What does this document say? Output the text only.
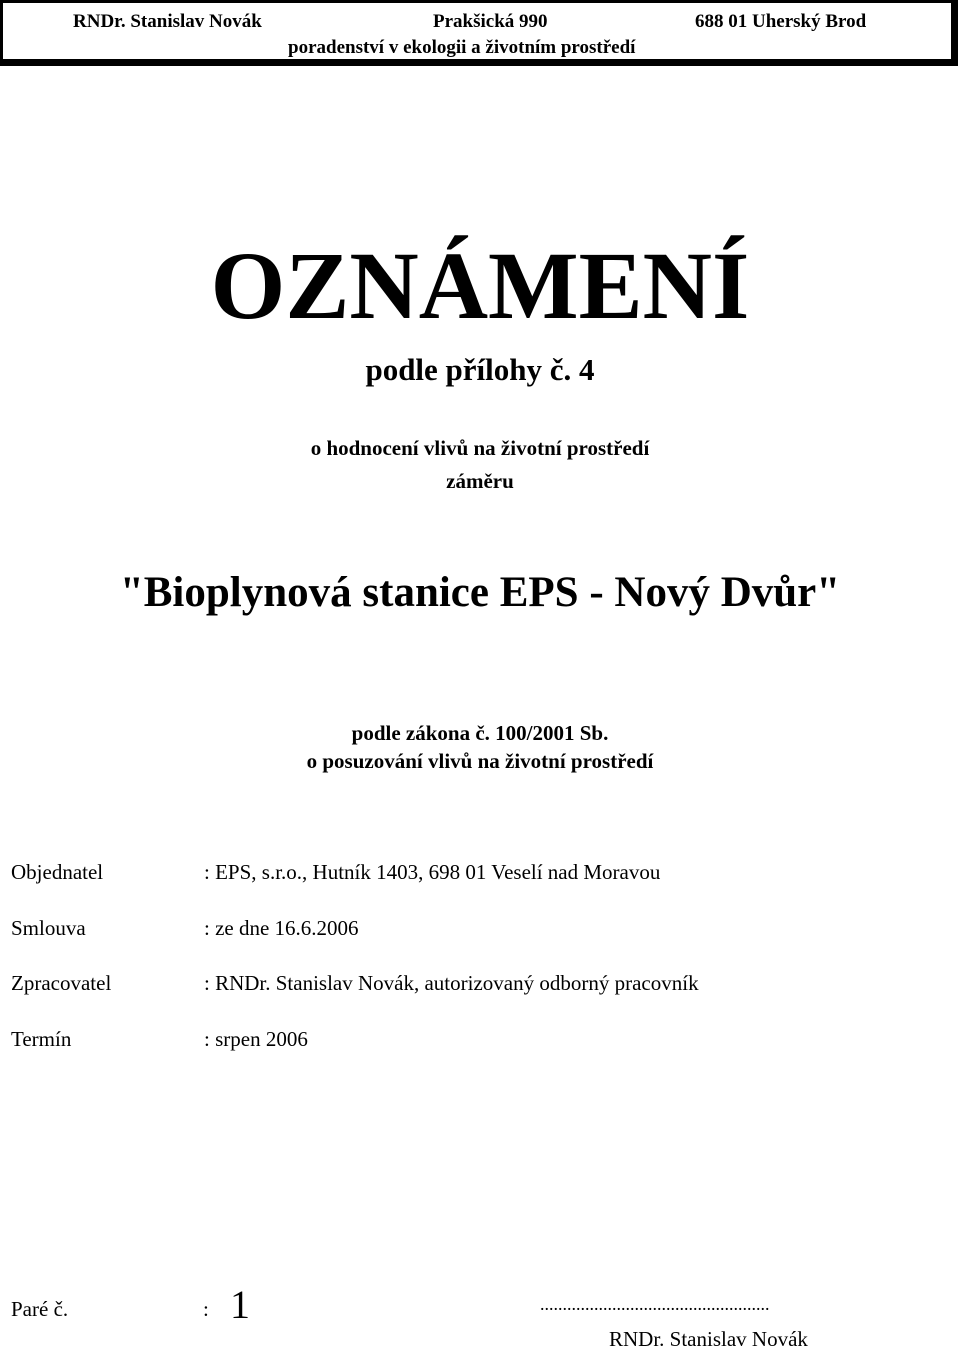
RNDr. Stanislav Novák	Prakšická 990	688 01 Uherský Brod
poradenství v ekologii a životním prostředí
OZNÁMENÍ
podle přílohy č. 4
o hodnocení vlivů na životní prostředí
záměru
"Bioplynová stanice EPS - Nový Dvůr"
podle zákona č. 100/2001 Sb.
o posuzování vlivů na životní prostředí
Objednatel	: EPS, s.r.o., Hutník 1403, 698 01 Veselí nad Moravou
Smlouva	: ze dne 16.6.2006
Zpracovatel	: RNDr. Stanislav Novák, autorizovaný odborný pracovník
Termín	: srpen 2006
Paré č.	: 1	...................................................
RNDr. Stanislav Novák
